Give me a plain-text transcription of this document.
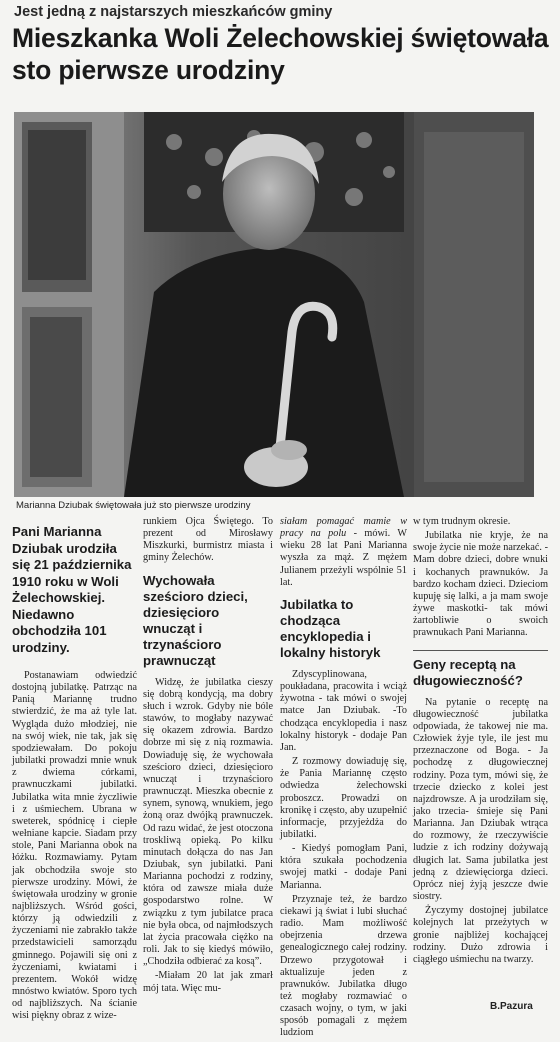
Jest jedną z najstarszych mieszkańców gminy
Mieszkanka Woli Żelechowskiej świętowała sto pierwsze urodziny
Marianna Dziubak świętowała już sto pierwsze urodziny

Pani Marianna Dziubak urodziła się 21 października 1910 roku w Woli Żelechowskiej. Niedawno obchodziła 101 urodziny.

Postanawiam odwiedzić dostojną jubilatkę. Patrząc na Panią Mariannę trudno stwierdzić, że ma aż tyle lat. Wygląda dużo młodziej, nie na swój wiek, nie tak, jak się spodziewałam. Do pokoju jubilatki prowadzi mnie wnuk z dwiema córkami, prawnuczkami jubilatki. Jubilatka wita mnie życzliwie i z uśmiechem. Ubrana w sweterek, spódnicę i ciepłe wełniane kapcie. Siadam przy stole, Pani Marianna obok na łóżku. Rozmawiamy. Pytam jak obchodziła swoje sto pierwsze urodziny. Mówi, że świętowała urodziny w gronie najbliższych. Wśród gości, którzy ją odwiedzili z życzeniami nie zabrakło także przedstawicieli samorządu gminnego. Pojawili się oni z życzeniami, kwiatami i prezentem. Wokół widzę mnóstwo kwiatów. Sporo tych od najbliższych. Na ścianie wisi piękny obraz z wize-

runkiem Ojca Świętego. To prezent od Mirosławy Miszkurki, burmistrz miasta i gminy Żelechów.

Wychowała sześcioro dzieci, dziesięcioro wnucząt i trzynaścioro prawnucząt

Widzę, że jubilatka cieszy się dobrą kondycją, ma dobry słuch i wzrok. Gdyby nie bóle stawów, to mogłaby nazywać się okazem zdrowia. Bardzo dobrze mi się z nią rozmawia. Dowiaduję się, że wychowała sześcioro dzieci, dziesięcioro wnucząt i trzynaścioro prawnucząt. Mieszka obecnie z synem, synową, wnukiem, jego żoną oraz dwójką prawnuczek. Od razu widać, że jest otoczona troskliwą opieką. Po kilku minutach dołącza do nas Jan Dziubak, syn jubilatki. Pani Marianna pochodzi z rodziny, która od zawsze miała duże gospodarstwo rolne. W związku z tym jubilatce praca nie była obca, od najmłodszych lat życia pracowała ciężko na roli. Jak to się kiedyś mówiło, „Chodziła odbierać za kosą”.

-Miałam 20 lat jak zmarł mój tata. Więc mu-

siałam pomagać mamie w pracy na polu - mówi. W wieku 28 lat Pani Marianna wyszła za mąż. Z mężem Julianem przeżyli wspólnie 51 lat.

Jubilatka to chodząca encyklopedia i lokalny historyk

Zdyscyplinowana, poukładana, pracowita i wciąż żywotna - tak mówi o swojej matce Jan Dziubak. -To chodząca encyklopedia i nasz lokalny historyk - dodaje Pan Jan.

Z rozmowy dowiaduję się, że Pania Mariannę często odwiedza żelechowski proboszcz. Prowadzi on kronikę i często, aby uzupełnić informacje, przyjeżdża do jubilatki.

- Kiedyś pomogłam Pani, która szukała pochodzenia swojej matki - dodaje Pani Marianna.

Przyznaje też, że bardzo ciekawi ją świat i lubi słuchać radio. Mam możliwość obejrzenia drzewa genealogicznego całej rodziny. Drzewo przygotował i aktualizuje jeden z prawnuków. Jubilatka długo też mogłaby rozmawiać o czasach wojny, o tym, w jaki sposób pomagali z mężem ludziom

w tym trudnym okresie.

Jubilatka nie kryje, że na swoje życie nie może narzekać. -Mam dobre dzieci, dobre wnuki i kochanych prawnuków. Ja bardzo kocham dzieci. Dzieciom kupuję się lalki, a ja mam swoje żywe maskotki- tak mówi żartobliwie o swoich prawnukach Pani Marianna.

Geny receptą na długowieczność?

Na pytanie o receptę na długowieczność jubilatka odpowiada, że takowej nie ma. Człowiek żyje tyle, ile jest mu przeznaczone od Boga. - Ja pochodzę z długowiecznej rodziny. Poza tym, mówi się, że trzecie dziecko z kolei jest najzdrowsze. A ja urodziłam się, jako trzecia- śmieje się Pani Marianna. Jan Dziubak wtrąca do rozmowy, że rzeczywiście ludzie z ich rodziny dożywają długich lat. Sama jubilatka jest jedną z dziewięciorga dzieci. Oprócz niej żyją jeszcze dwie siostry.

Życzymy dostojnej jubilatce kolejnych lat przeżytych w gronie najbliżej kochającej rodziny. Dużo zdrowia i ciągłego uśmiechu na twarzy.

B.Pazura
